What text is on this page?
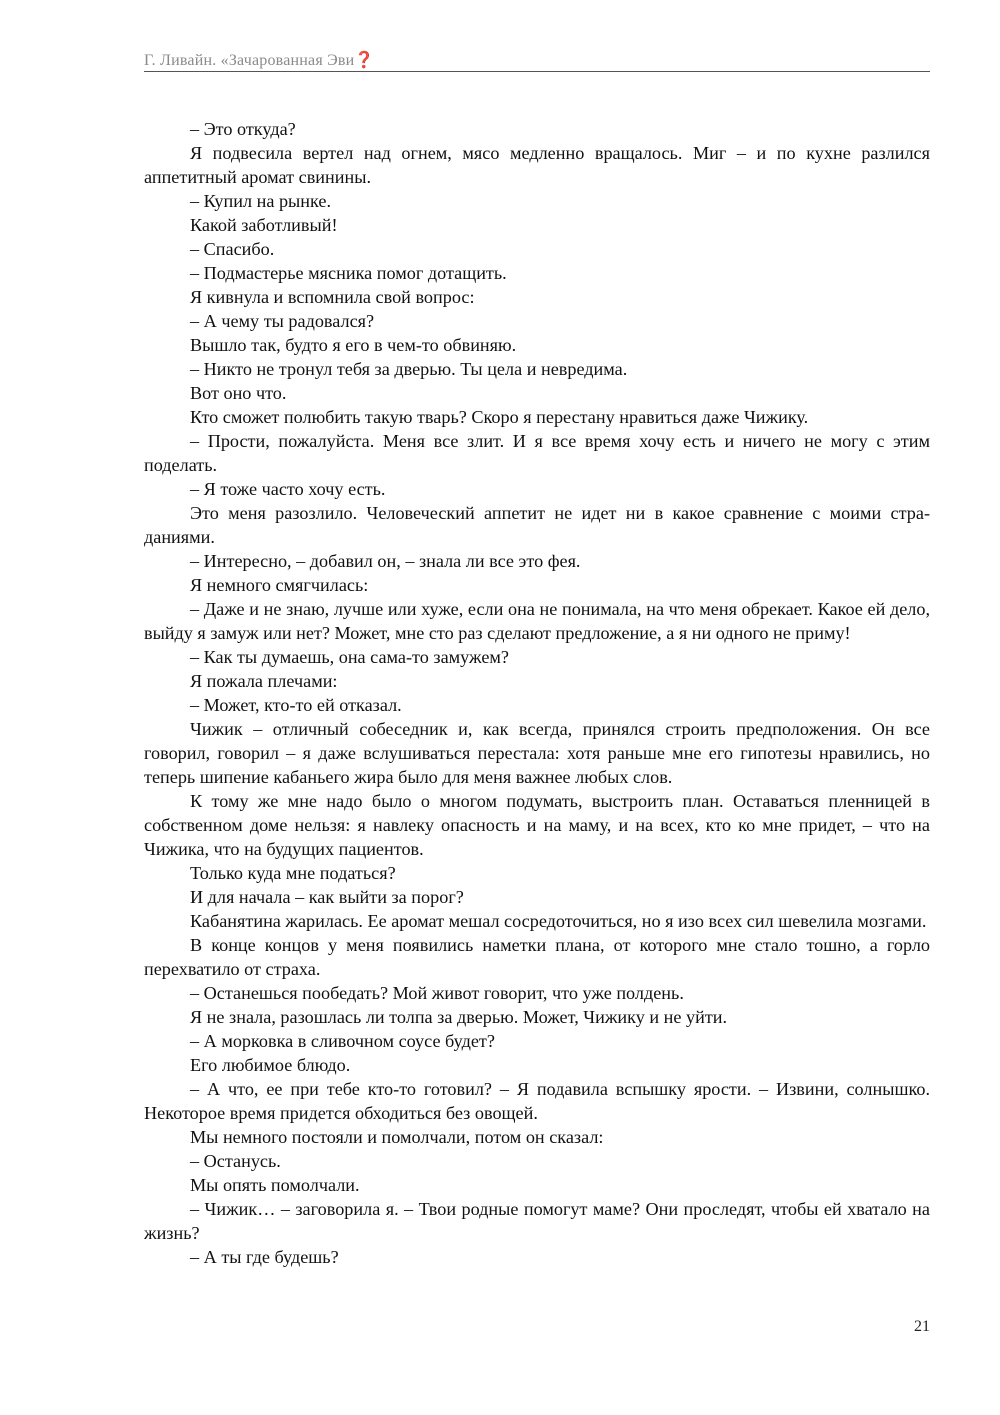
Г. Ливайн. «Зачарованная Эви❓

– Это откуда?

Я подвесила вертел над огнем, мясо медленно вращалось. Миг – и по кухне разлился аппетитный аромат свинины.

– Купил на рынке.

Какой заботливый!

– Спасибо.

– Подмастерье мясника помог дотащить.

Я кивнула и вспомнила свой вопрос:

– А чему ты радовался?

Вышло так, будто я его в чем-то обвиняю.

– Никто не тронул тебя за дверью. Ты цела и невредима.

Вот оно что.

Кто сможет полюбить такую тварь? Скоро я перестану нравиться даже Чижику.

– Прости, пожалуйста. Меня все злит. И я все время хочу есть и ничего не могу с этим поделать.

– Я тоже часто хочу есть.

Это меня разозлило. Человеческий аппетит не идет ни в какое сравнение с моими страданиями.

– Интересно, – добавил он, – знала ли все это фея.

Я немного смягчилась:

– Даже и не знаю, лучше или хуже, если она не понимала, на что меня обрекает. Какое ей дело, выйду я замуж или нет? Может, мне сто раз сделают предложение, а я ни одного не приму!

– Как ты думаешь, она сама-то замужем?

Я пожала плечами:

– Может, кто-то ей отказал.

Чижик – отличный собеседник и, как всегда, принялся строить предположения. Он все говорил, говорил – я даже вслушиваться перестала: хотя раньше мне его гипотезы нравились, но теперь шипение кабаньего жира было для меня важнее любых слов.

К тому же мне надо было о многом подумать, выстроить план. Оставаться пленницей в собственном доме нельзя: я навлеку опасность и на маму, и на всех, кто ко мне придет, – что на Чижика, что на будущих пациентов.

Только куда мне податься?

И для начала – как выйти за порог?

Кабанятина жарилась. Ее аромат мешал сосредоточиться, но я изо всех сил шевелила мозгами.

В конце концов у меня появились наметки плана, от которого мне стало тошно, а горло перехватило от страха.

– Останешься пообедать? Мой живот говорит, что уже полдень.

Я не знала, разошлась ли толпа за дверью. Может, Чижику и не уйти.

– А морковка в сливочном соусе будет?

Его любимое блюдо.

– А что, ее при тебе кто-то готовил? – Я подавила вспышку ярости. – Извини, солнышко. Некоторое время придется обходиться без овощей.

Мы немного постояли и помолчали, потом он сказал:

– Останусь.

Мы опять помолчали.

– Чижик… – заговорила я. – Твои родные помогут маме? Они проследят, чтобы ей хватало на жизнь?

– А ты где будешь?

21
